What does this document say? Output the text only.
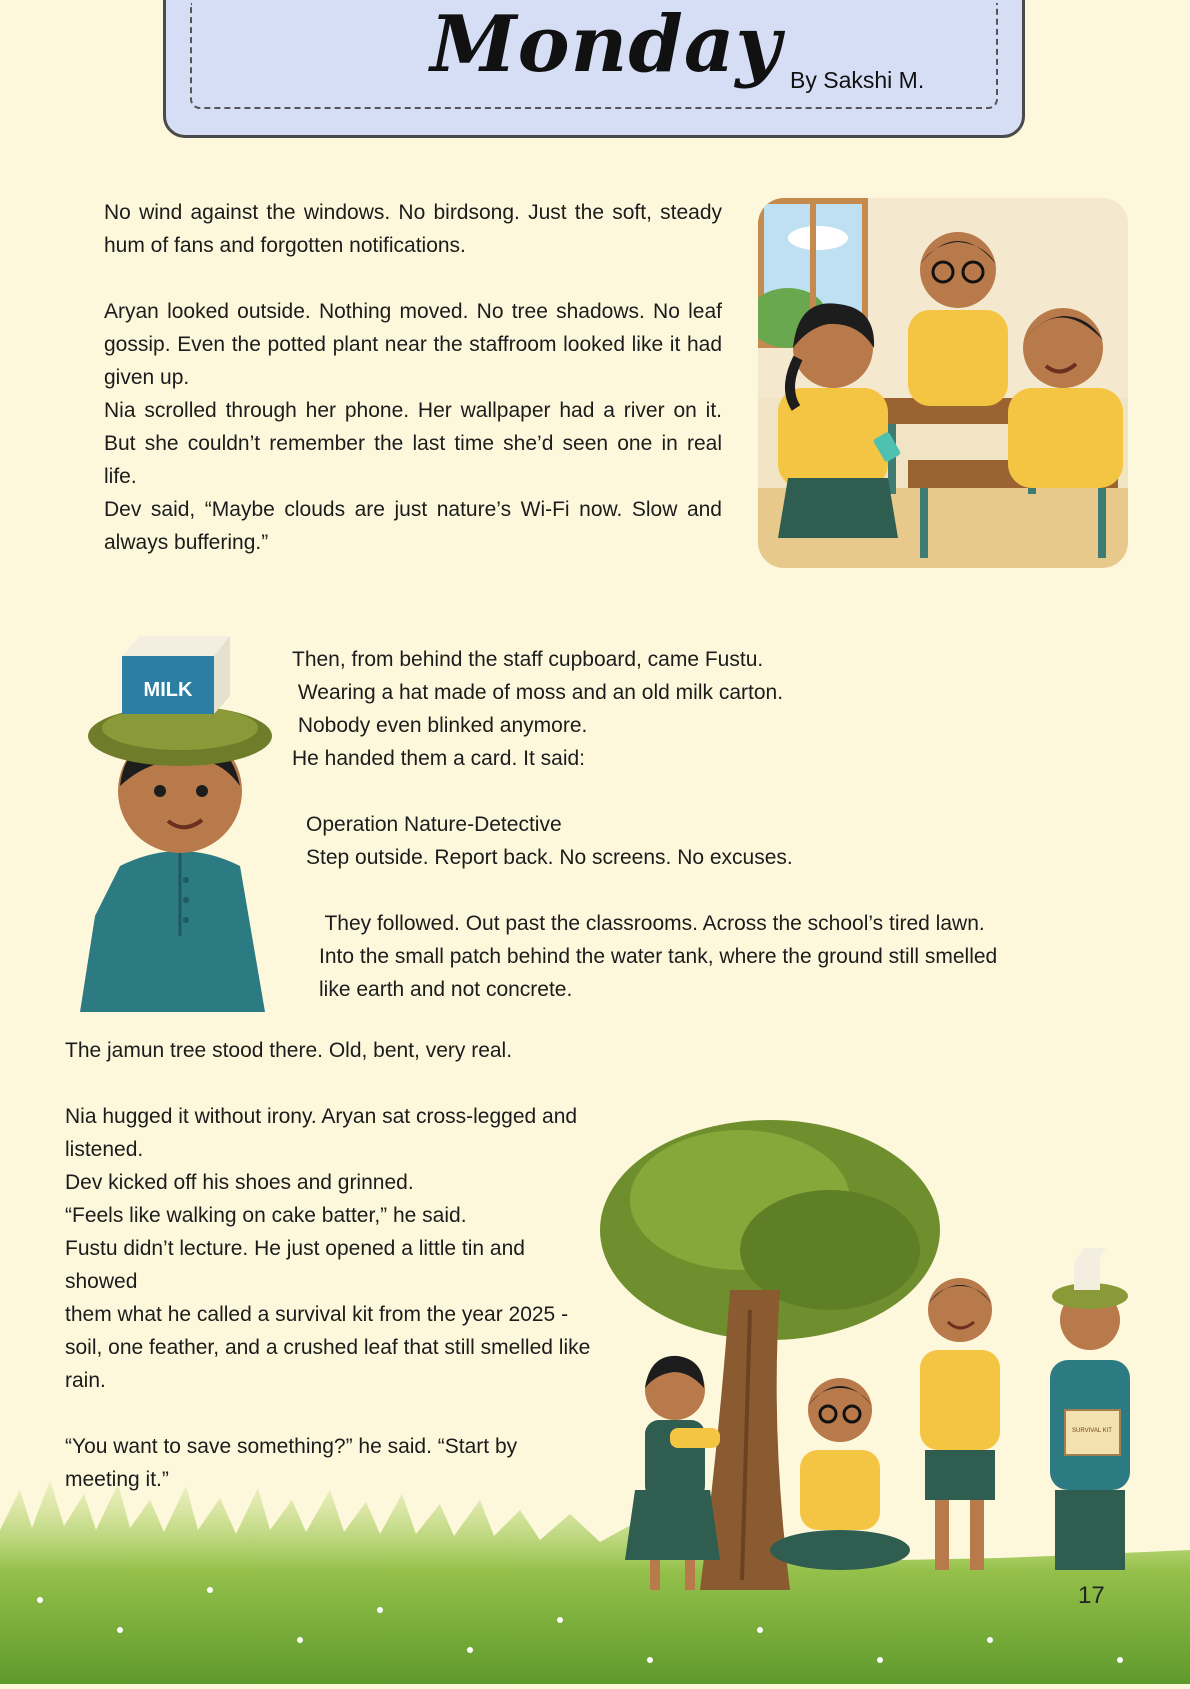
Monday By Sakshi M.

No wind against the windows. No birdsong. Just the soft, steady hum of fans and forgotten notifications.

Aryan looked outside. Nothing moved. No tree shadows. No leaf gossip. Even the potted plant near the staffroom looked like it had given up.

Nia scrolled through her phone. Her wallpaper had a river on it. But she couldn’t remember the last time she’d seen one in real life.

Dev said, “Maybe clouds are just nature’s Wi-Fi now. Slow and always buffering.”

MILK
Then, from behind the staff cupboard, came Fustu.
Wearing a hat made of moss and an old milk carton.
Nobody even blinked anymore.
He handed them a card. It said:
Operation Nature-Detective
Step outside. Report back. No screens. No excuses.
They followed. Out past the classrooms. Across the school’s tired lawn.
Into the small patch behind the water tank, where the ground still smelled
like earth and not concrete.
The jamun tree stood there. Old, bent, very real.
Nia hugged it without irony. Aryan sat cross-legged and
listened.
Dev kicked off his shoes and grinned.
“Feels like walking on cake batter,” he said.
Fustu didn’t lecture. He just opened a little tin and
showed
them what he called a survival kit from the year 2025 -
soil, one feather, and a crushed leaf that still smelled like
rain.
“You want to save something?” he said. “Start by
meeting it.”
SURVIVAL KIT
17
